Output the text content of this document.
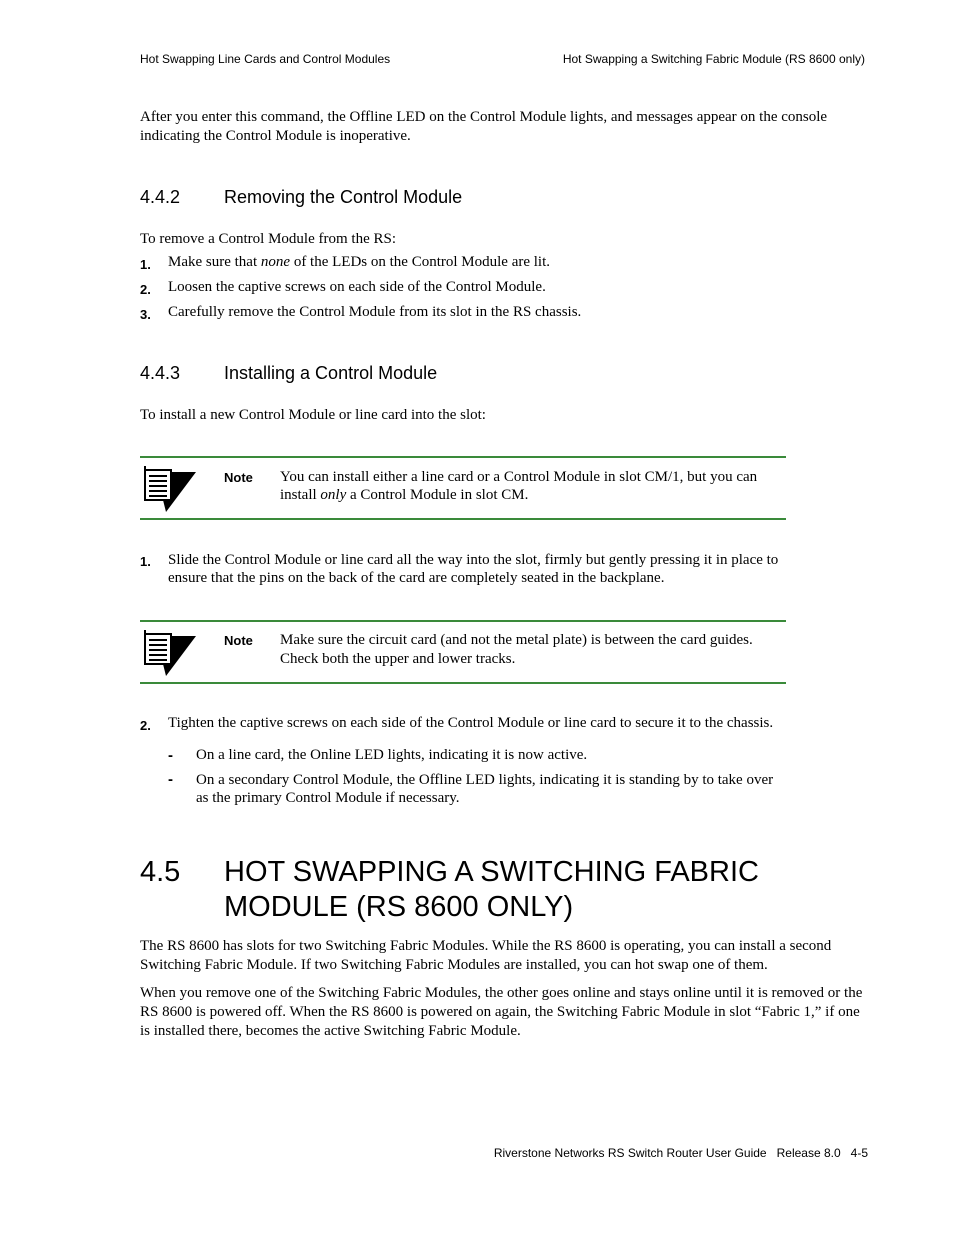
Hot Swapping Line Cards and Control Modules	Hot Swapping a Switching Fabric Module (RS 8600 only)

After you enter this command, the Offline LED on the Control Module lights, and messages appear on the console indicating the Control Module is inoperative.

4.4.2 Removing the Control Module

To remove a Control Module from the RS:

1. Make sure that none of the LEDs on the Control Module are lit.
2. Loosen the captive screws on each side of the Control Module.
3. Carefully remove the Control Module from its slot in the RS chassis.
4.4.3 Installing a Control Module

To install a new Control Module or line card into the slot:

Note You can install either a line card or a Control Module in slot CM/1, but you can install only a Control Module in slot CM.

1. Slide the Control Module or line card all the way into the slot, firmly but gently pressing it in place to ensure that the pins on the back of the card are completely seated in the backplane.
Note Make sure the circuit card (and not the metal plate) is between the card guides. Check both the upper and lower tracks.

2. Tighten the captive screws on each side of the Control Module or line card to secure it to the chassis.
- On a line card, the Online LED lights, indicating it is now active.
- On a secondary Control Module, the Offline LED lights, indicating it is standing by to take over as the primary Control Module if necessary.
4.5 HOT SWAPPING A SWITCHING FABRIC MODULE (RS 8600 ONLY)

The RS 8600 has slots for two Switching Fabric Modules. While the RS 8600 is operating, you can install a second Switching Fabric Module. If two Switching Fabric Modules are installed, you can hot swap one of them.

When you remove one of the Switching Fabric Modules, the other goes online and stays online until it is removed or the RS 8600 is powered off. When the RS 8600 is powered on again, the Switching Fabric Module in slot “Fabric 1,” if one is installed there, becomes the active Switching Fabric Module.

Riverstone Networks RS Switch Router User Guide   Release 8.0   4-5
